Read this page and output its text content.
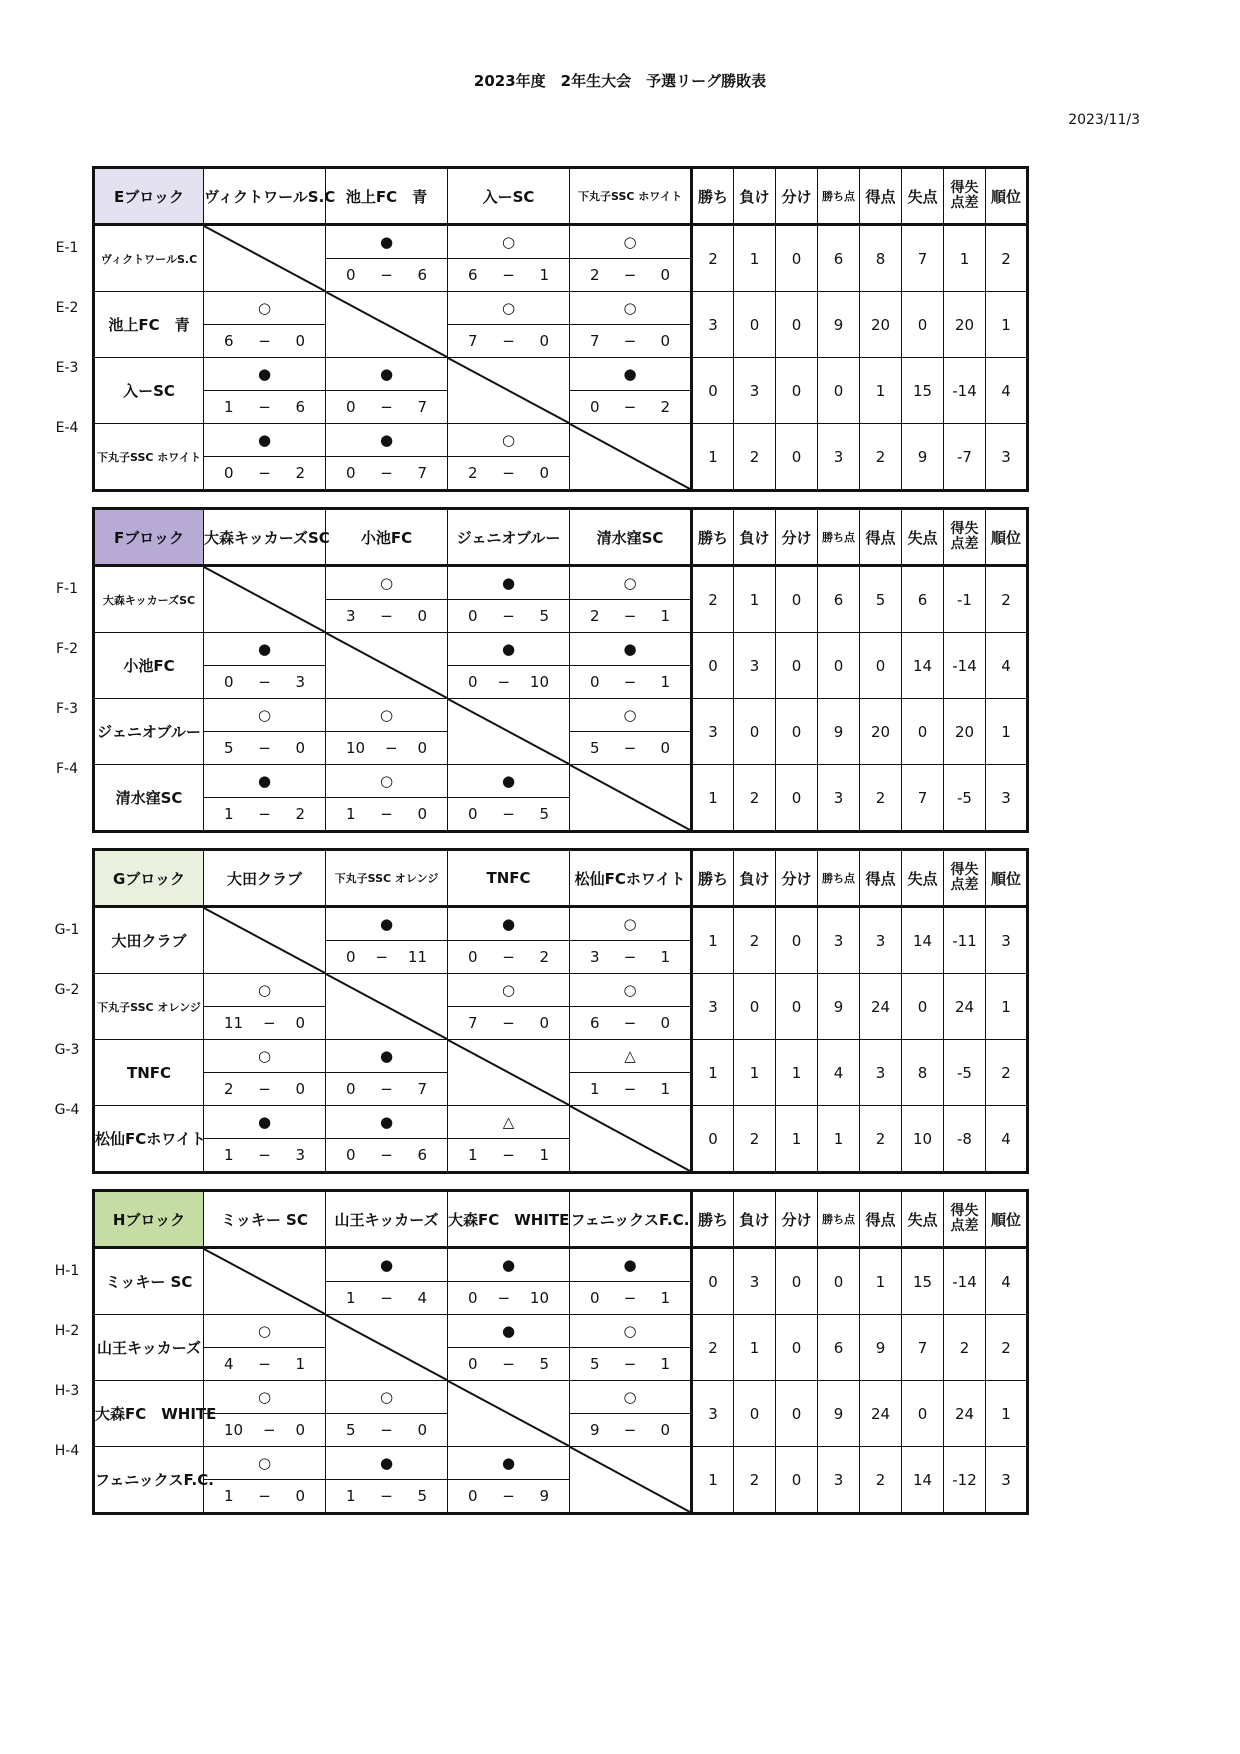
2023年度　2年生大会　予選リーグ勝敗表
2023/11/3
E-1
E-2
E-3
E-4
Eブロック	ヴィクトワールS.C	池上FC　青	入ーSC	下丸子SSC ホワイト	勝ち	負け	分け	勝ち点	得点	失点	得失点差	順位
ヴィクトワールS.C		●	○	○	2	1	0	6	8	7	1	2

		0 − 6	6 − 1	2 − 0								

池上FC　青	○		○	○	3	0	0	9	20	0	20	1

	6 − 0		7 − 0	7 − 0								

入ーSC	●	●		●	0	3	0	0	1	15	-14	4

	1 − 6	0 − 7		0 − 2								

下丸子SSC ホワイト	●	●	○		1	2	0	3	2	9	-7	3

	0 − 2	0 − 7	2 − 0									
F-1
F-2
F-3
F-4
Fブロック	大森キッカーズSC	小池FC	ジェニオブルー	清水窪SC	勝ち	負け	分け	勝ち点	得点	失点	得失点差	順位
大森キッカーズSC		○	●	○	2	1	0	6	5	6	-1	2

		3 − 0	0 − 5	2 − 1								

小池FC	●		●	●	0	3	0	0	0	14	-14	4

	0 − 3		0 − 10	0 − 1								

ジェニオブルー	○	○		○	3	0	0	9	20	0	20	1

	5 − 0	10 − 0		5 − 0								

清水窪SC	●	○	●		1	2	0	3	2	7	-5	3

	1 − 2	1 − 0	0 − 5									
G-1
G-2
G-3
G-4
Gブロック	大田クラブ	下丸子SSC オレンジ	TNFC	松仙FCホワイト	勝ち	負け	分け	勝ち点	得点	失点	得失点差	順位
大田クラブ		●	●	○	1	2	0	3	3	14	-11	3

		0 − 11	0 − 2	3 − 1								

下丸子SSC オレンジ	○		○	○	3	0	0	9	24	0	24	1

	11 − 0		7 − 0	6 − 0								

TNFC	○	●		△	1	1	1	4	3	8	-5	2

	2 − 0	0 − 7		1 − 1								

松仙FCホワイト	●	●	△		0	2	1	1	2	10	-8	4

	1 − 3	0 − 6	1 − 1									
H-1
H-2
H-3
H-4
Hブロック	ミッキー SC	山王キッカーズ	大森FC　WHITE	フェニックスF.C.	勝ち	負け	分け	勝ち点	得点	失点	得失点差	順位
ミッキー SC		●	●	●	0	3	0	0	1	15	-14	4

		1 − 4	0 − 10	0 − 1								

山王キッカーズ	○		●	○	2	1	0	6	9	7	2	2

	4 − 1		0 − 5	5 − 1								

大森FC　WHITE	○	○		○	3	0	0	9	24	0	24	1

	10 − 0	5 − 0		9 − 0								

フェニックスF.C.	○	●	●		1	2	0	3	2	14	-12	3

	1 − 0	1 − 5	0 − 9									
